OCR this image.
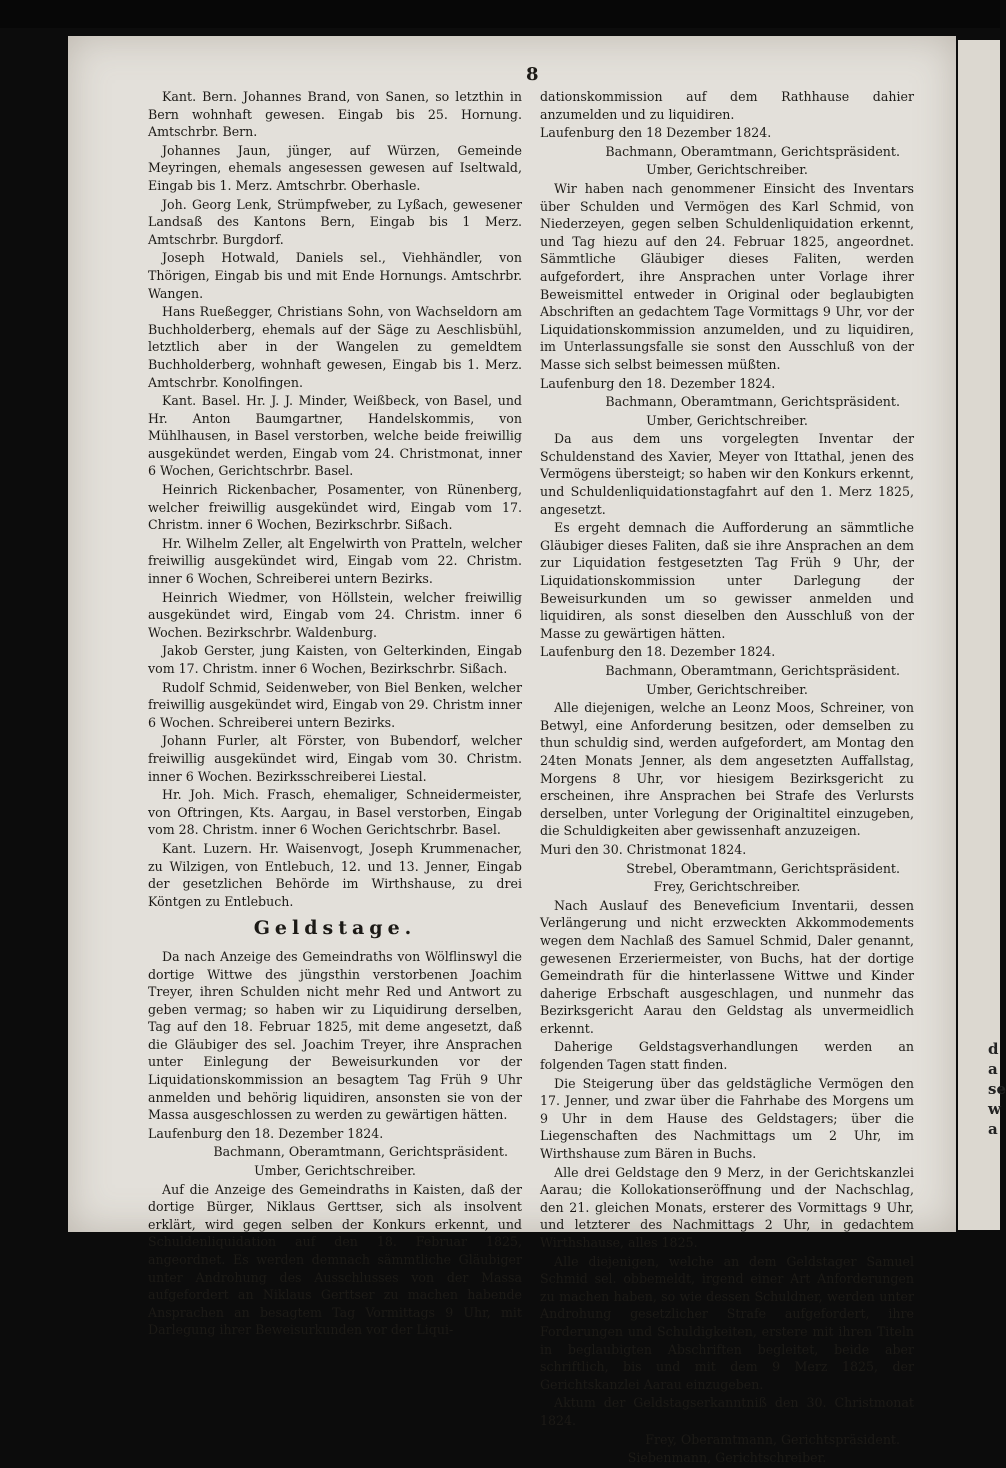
8

Kant. Bern. Johannes Brand, von Sanen, so letzthin in Bern wohnhaft gewesen. Eingab bis 25. Hornung. Amtschrbr. Bern.

Johannes Jaun, jünger, auf Würzen, Gemeinde Meyringen, ehemals angesessen gewesen auf Iseltwald, Eingab bis 1. Merz. Amtschrbr. Oberhasle.

Joh. Georg Lenk, Strümpfweber, zu Lyßach, gewesener Landsaß des Kantons Bern, Eingab bis 1 Merz. Amtschrbr. Burgdorf.

Joseph Hotwald, Daniels sel., Viehhändler, von Thörigen, Eingab bis und mit Ende Hornungs. Amtschrbr. Wangen.

Hans Rueßegger, Christians Sohn, von Wachseldorn am Buchholderberg, ehemals auf der Säge zu Aeschlisbühl, letztlich aber in der Wangelen zu gemeldtem Buchholderberg, wohnhaft gewesen, Eingab bis 1. Merz. Amtschrbr. Konolfingen.

Kant. Basel. Hr. J. J. Minder, Weißbeck, von Basel, und Hr. Anton Baumgartner, Handelskommis, von Mühlhausen, in Basel verstorben, welche beide freiwillig ausgekündet werden, Eingab vom 24. Christmonat, inner 6 Wochen, Gerichtschrbr. Basel.

Heinrich Rickenbacher, Posamenter, von Rünenberg, welcher freiwillig ausgekündet wird, Eingab vom 17. Christm. inner 6 Wochen, Bezirkschrbr. Sißach.

Hr. Wilhelm Zeller, alt Engelwirth von Pratteln, welcher freiwillig ausgekündet wird, Eingab vom 22. Christm. inner 6 Wochen, Schreiberei untern Bezirks.

Heinrich Wiedmer, von Höllstein, welcher freiwillig ausgekündet wird, Eingab vom 24. Christm. inner 6 Wochen. Bezirkschrbr. Waldenburg.

Jakob Gerster, jung Kaisten, von Gelterkinden, Eingab vom 17. Christm. inner 6 Wochen, Bezirkschrbr. Sißach.

Rudolf Schmid, Seidenweber, von Biel Benken, welcher freiwillig ausgekündet wird, Eingab von 29. Christm inner 6 Wochen. Schreiberei untern Bezirks.

Johann Furler, alt Förster, von Bubendorf, welcher freiwillig ausgekündet wird, Eingab vom 30. Christm. inner 6 Wochen. Bezirksschreiberei Liestal.

Hr. Joh. Mich. Frasch, ehemaliger, Schneidermeister, von Oftringen, Kts. Aargau, in Basel verstorben, Eingab vom 28. Christm. inner 6 Wochen Gerichtschrbr. Basel.

Kant. Luzern. Hr. Waisenvogt, Joseph Krummenacher, zu Wilzigen, von Entlebuch, 12. und 13. Jenner, Eingab der gesetzlichen Behörde im Wirthshause, zu drei Köntgen zu Entlebuch.

Geldstage.

Da nach Anzeige des Gemeindraths von Wölflinswyl die dortige Wittwe des jüngsthin verstorbenen Joachim Treyer, ihren Schulden nicht mehr Red und Antwort zu geben vermag; so haben wir zu Liquidirung derselben, Tag auf den 18. Februar 1825, mit deme angesetzt, daß die Gläubiger des sel. Joachim Treyer, ihre Ansprachen unter Einlegung der Beweisurkunden vor der Liquidationskommission an besagtem Tag Früh 9 Uhr anmelden und behörig liquidiren, ansonsten sie von der Massa ausgeschlossen zu werden zu gewärtigen hätten.

Laufenburg den 18. Dezember 1824.

Bachmann, Oberamtmann, Gerichtspräsident.
Umber, Gerichtschreiber.

Auf die Anzeige des Gemeindraths in Kaisten, daß der dortige Bürger, Niklaus Gerttser, sich als insolvent erklärt, wird gegen selben der Konkurs erkennt, und Schuldenliquidation auf den 18. Februar 1825, angeordnet. Es werden demnach sämmtliche Gläubiger unter Androhung des Ausschlusses von der Massa aufgefordert an Niklaus Gerttser zu machen habende Ansprachen an besagtem Tag Vormittags 9 Uhr, mit Darlegung ihrer Beweisurkunden vor der Liqui-

dationskommission auf dem Rathhause dahier anzumelden und zu liquidiren.

Laufenburg den 18 Dezember 1824.

Bachmann, Oberamtmann, Gerichtspräsident.
Umber, Gerichtschreiber.

Wir haben nach genommener Einsicht des Inventars über Schulden und Vermögen des Karl Schmid, von Niederzeyen, gegen selben Schuldenliquidation erkennt, und Tag hiezu auf den 24. Februar 1825, angeordnet. Sämmtliche Gläubiger dieses Faliten, werden aufgefordert, ihre Ansprachen unter Vorlage ihrer Beweismittel entweder in Original oder beglaubigten Abschriften an gedachtem Tage Vormittags 9 Uhr, vor der Liquidationskommission anzumelden, und zu liquidiren, im Unterlassungsfalle sie sonst den Ausschluß von der Masse sich selbst beimessen müßten.

Laufenburg den 18. Dezember 1824.

Bachmann, Oberamtmann, Gerichtspräsident.
Umber, Gerichtschreiber.

Da aus dem uns vorgelegten Inventar der Schuldenstand des Xavier, Meyer von Ittathal, jenen des Vermögens übersteigt; so haben wir den Konkurs erkennt, und Schuldenliquidationstagfahrt auf den 1. Merz 1825, angesetzt.

Es ergeht demnach die Aufforderung an sämmtliche Gläubiger dieses Faliten, daß sie ihre Ansprachen an dem zur Liquidation festgesetzten Tag Früh 9 Uhr, der Liquidationskommission unter Darlegung der Beweisurkunden um so gewisser anmelden und liquidiren, als sonst dieselben den Ausschluß von der Masse zu gewärtigen hätten.

Laufenburg den 18. Dezember 1824.

Bachmann, Oberamtmann, Gerichtspräsident.
Umber, Gerichtschreiber.

Alle diejenigen, welche an Leonz Moos, Schreiner, von Betwyl, eine Anforderung besitzen, oder demselben zu thun schuldig sind, werden aufgefordert, am Montag den 24ten Monats Jenner, als dem angesetzten Auffallstag, Morgens 8 Uhr, vor hiesigem Bezirksgericht zu erscheinen, ihre Ansprachen bei Strafe des Verlursts derselben, unter Vorlegung der Originaltitel einzugeben, die Schuldigkeiten aber gewissenhaft anzuzeigen.

Muri den 30. Christmonat 1824.

Strebel, Oberamtmann, Gerichtspräsident.
Frey, Gerichtschreiber.

Nach Auslauf des Beneveficium Inventarii, dessen Verlängerung und nicht erzweckten Akkommodements wegen dem Nachlaß des Samuel Schmid, Daler genannt, gewesenen Erzeriermeister, von Buchs, hat der dortige Gemeindrath für die hinterlassene Wittwe und Kinder daherige Erbschaft ausgeschlagen, und nunmehr das Bezirksgericht Aarau den Geldstag als unvermeidlich erkennt.

Daherige Geldstagsverhandlungen werden an folgenden Tagen statt finden.

Die Steigerung über das geldstägliche Vermögen den 17. Jenner, und zwar über die Fahrhabe des Morgens um 9 Uhr in dem Hause des Geldstagers; über die Liegenschaften des Nachmittags um 2 Uhr, im Wirthshause zum Bären in Buchs.

Alle drei Geldstage den 9 Merz, in der Gerichtskanzlei Aarau; die Kollokationseröffnung und der Nachschlag, den 21. gleichen Monats, ersterer des Vormittags 9 Uhr, und letzterer des Nachmittags 2 Uhr, in gedachtem Wirthshause, alles 1825.

Alle diejenigen, welche an dem Geldstager Samuel Schmid sel. obbemeldt, irgend einer Art Anforderungen zu machen haben, so wie dessen Schuldner, werden unter Androhung gesetzlicher Strafe aufgefordert, ihre Forderungen und Schuldigkeiten, erstere mit ihren Titeln in beglaubigten Abschriften begleitet, beide aber schriftlich, bis und mit dem 9 Merz 1825, der Gerichtskanzlei Aarau einzugeben.

Aktum der Geldstagserkanntniß den 30. Christmonat 1824.

Frey, Oberamtmann, Gerichtspräsident.
Siebenmann, Gerichtschreiber.
d
a
se
w
a
